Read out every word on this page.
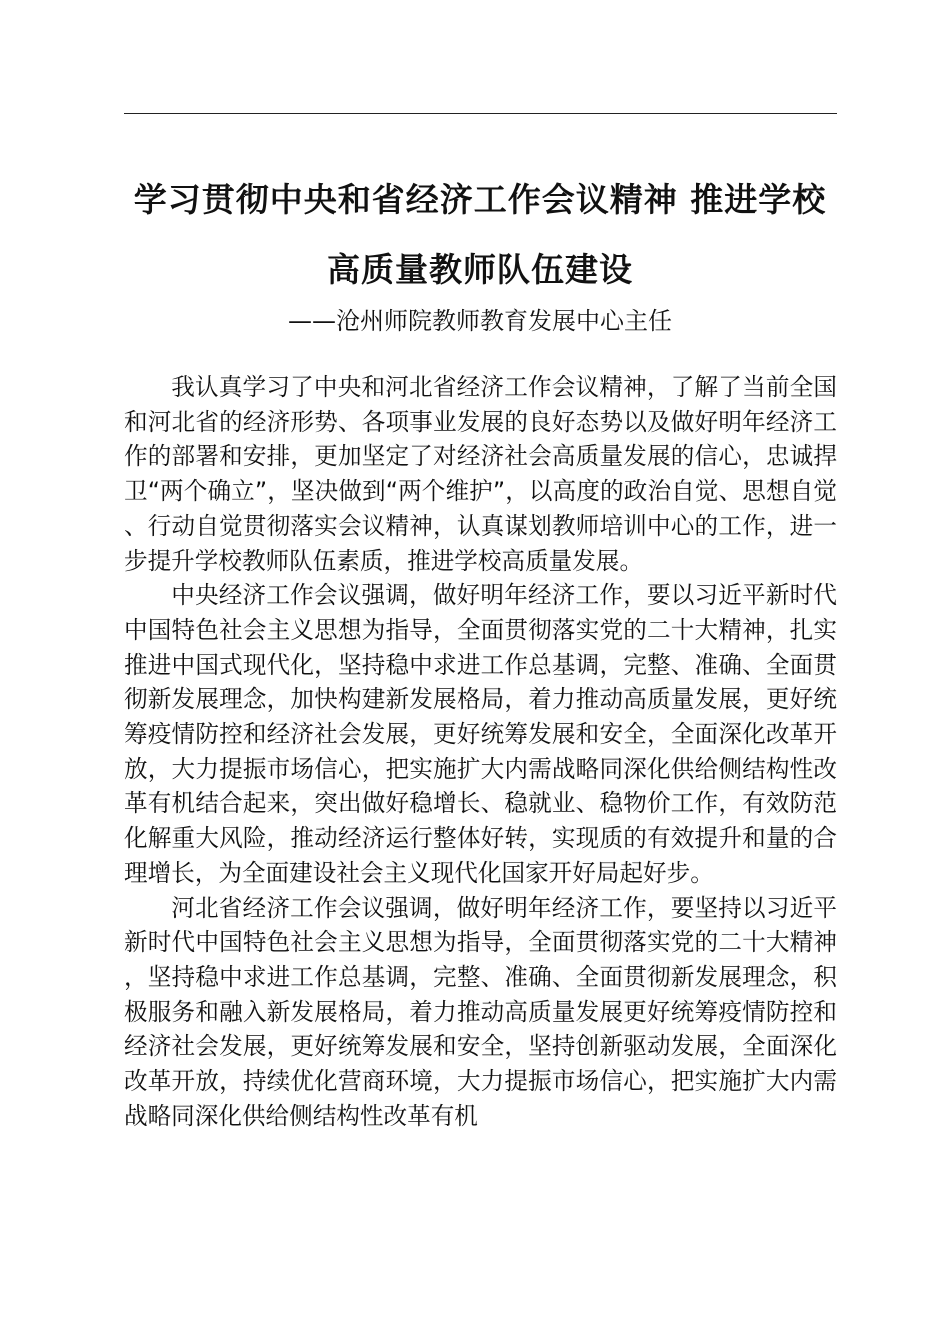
学习贯彻中央和省经济工作会议精神 推进学校
高质量教师队伍建设
——沧州师院教师教育发展中心主任

我认真学习了中央和河北省经济工作会议精神，了解了当前全国和河北省的经济形势、各项事业发展的良好态势以及做好明年经济工作的部署和安排，更加坚定了对经济社会高质量发展的信心，忠诚捍卫“两个确立”，坚决做到“两个维护”，以高度的政治自觉、思想自觉、行动自觉贯彻落实会议精神，认真谋划教师培训中心的工作，进一步提升学校教师队伍素质，推进学校高质量发展。

中央经济工作会议强调，做好明年经济工作，要以习近平新时代中国特色社会主义思想为指导，全面贯彻落实党的二十大精神，扎实推进中国式现代化，坚持稳中求进工作总基调，完整、准确、全面贯彻新发展理念，加快构建新发展格局，着力推动高质量发展，更好统筹疫情防控和经济社会发展，更好统筹发展和安全，全面深化改革开放，大力提振市场信心，把实施扩大内需战略同深化供给侧结构性改革有机结合起来，突出做好稳增长、稳就业、稳物价工作，有效防范化解重大风险，推动经济运行整体好转，实现质的有效提升和量的合理增长，为全面建设社会主义现代化国家开好局起好步。

河北省经济工作会议强调，做好明年经济工作，要坚持以习近平新时代中国特色社会主义思想为指导，全面贯彻落实党的二十大精神，坚持稳中求进工作总基调，完整、准确、全面贯彻新发展理念，积极服务和融入新发展格局，着力推动高质量发展更好统筹疫情防控和经济社会发展，更好统筹发展和安全，坚持创新驱动发展，全面深化改革开放，持续优化营商环境，大力提振市场信心，把实施扩大内需战略同深化供给侧结构性改革有机
